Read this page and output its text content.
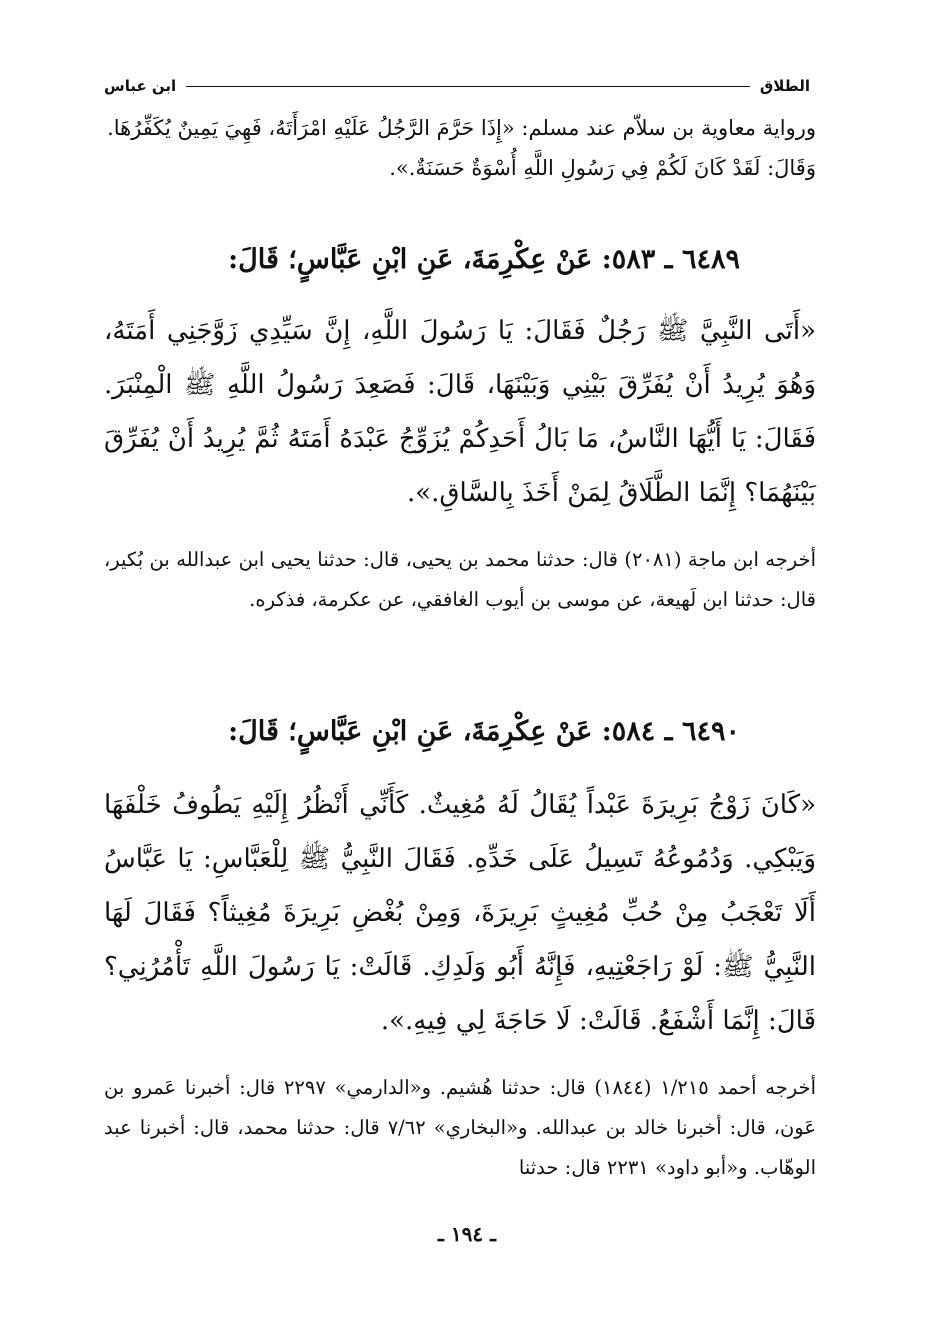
الطلاق
ابن عباس
ورواية معاوية بن سلاّم عند مسلم: «إِذَا حَرَّمَ الرَّجُلُ عَلَيْهِ امْرَأَتَهُ، فَهِيَ يَمِينٌ يُكَفِّرُهَا. وَقَالَ: لَقَدْ كَانَ لَكُمْ فِي رَسُولِ اللَّهِ أُسْوَةٌ حَسَنَةٌ.».
٦٤٨٩ ـ ٥٨٣: عَنْ عِكْرِمَةَ، عَنِ ابْنِ عَبَّاسٍ؛ قَالَ:
«أَتَى النَّبِيَّ ﷺ رَجُلٌ فَقَالَ: يَا رَسُولَ اللَّهِ، إِنَّ سَيِّدِي زَوَّجَنِي أَمَتَهُ، وَهُوَ يُرِيدُ أَنْ يُفَرِّقَ بَيْنِي وَبَيْنَهَا، قَالَ: فَصَعِدَ رَسُولُ اللَّهِ ﷺ الْمِنْبَرَ. فَقَالَ: يَا أَيُّهَا النَّاسُ، مَا بَالُ أَحَدِكُمْ يُزَوِّجُ عَبْدَهُ أَمَتَهُ ثُمَّ يُرِيدُ أَنْ يُفَرِّقَ بَيْنَهُمَا؟ إِنَّمَا الطَّلَاقُ لِمَنْ أَخَذَ بِالسَّاقِ.».
أخرجه ابن ماجة (٢٠٨١) قال: حدثنا محمد بن يحيى، قال: حدثنا يحيى ابن عبدالله بن بُكير، قال: حدثنا ابن لَهيعة، عن موسى بن أيوب الغافقي، عن عكرمة، فذكره.
٦٤٩٠ ـ ٥٨٤: عَنْ عِكْرِمَةَ، عَنِ ابْنِ عَبَّاسٍ؛ قَالَ:
«كَانَ زَوْجُ بَرِيرَةَ عَبْداً يُقَالُ لَهُ مُغِيثٌ. كَأَنِّي أَنْظُرُ إِلَيْهِ يَطُوفُ خَلْفَهَا وَيَبْكِي. وَدُمُوعُهُ تَسِيلُ عَلَى خَدِّهِ. فَقَالَ النَّبِيُّ ﷺ لِلْعَبَّاسِ: يَا عَبَّاسُ أَلَا تَعْجَبُ مِنْ حُبِّ مُغِيثٍ بَرِيرَةَ، وَمِنْ بُغْضِ بَرِيرَةَ مُغِيثاً؟ فَقَالَ لَهَا النَّبِيُّ ﷺ: لَوْ رَاجَعْتِيهِ، فَإِنَّهُ أَبُو وَلَدِكِ. قَالَتْ: يَا رَسُولَ اللَّهِ تَأْمُرُنِي؟ قَالَ: إِنَّمَا أَشْفَعُ. قَالَتْ: لَا حَاجَةَ لِي فِيهِ.».
أخرجه أحمد ١/٢١٥ (١٨٤٤) قال: حدثنا هُشيم. و«الدارمي» ٢٢٩٧ قال: أخبرنا عَمرو بن عَون، قال: أخبرنا خالد بن عبدالله. و«البخاري» ٧/٦٢ قال: حدثنا محمد، قال: أخبرنا عبد الوهّاب. و«أبو داود» ٢٢٣١ قال: حدثنا
ـ ١٩٤ ـ
